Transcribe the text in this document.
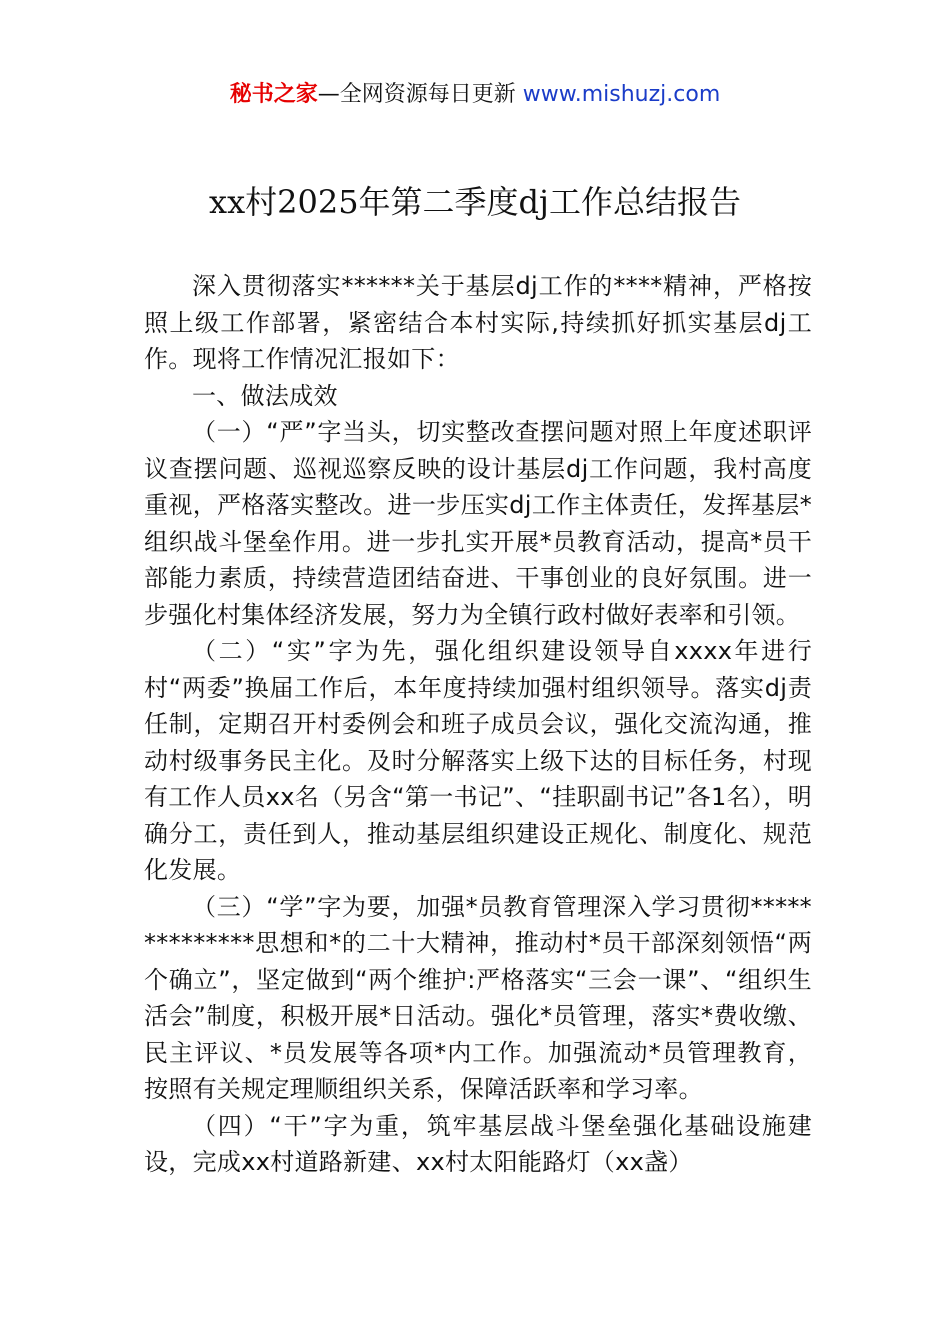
秘书之家—全网资源每日更新 www.mishuzj.com
xx村2025年第二季度dj工作总结报告

深入贯彻落实******关于基层dj工作的****精神，严格按照上级工作部署，紧密结合本村实际,持续抓好抓实基层dj工作。现将工作情况汇报如下：

一、做法成效

（一）“严”字当头，切实整改查摆问题对照上年度述职评议查摆问题、巡视巡察反映的设计基层dj工作问题，我村高度重视，严格落实整改。进一步压实dj工作主体责任，发挥基层*组织战斗堡垒作用。进一步扎实开展*员教育活动，提高*员干部能力素质，持续营造团结奋进、干事创业的良好氛围。进一步强化村集体经济发展，努力为全镇行政村做好表率和引领。

（二）“实”字为先，强化组织建设领导自xxxx年进行村“两委”换届工作后，本年度持续加强村组织领导。落实dj责任制，定期召开村委例会和班子成员会议，强化交流沟通，推动村级事务民主化。及时分解落实上级下达的目标任务，村现有工作人员xx名（另含“第一书记”、“挂职副书记”各1名），明确分工，责任到人，推动基层组织建设正规化、制度化、规范化发展。

（三）“学”字为要，加强*员教育管理深入学习贯彻**************思想和*的二十大精神，推动村*员干部深刻领悟“两个确立”，坚定做到“两个维护:严格落实“三会一课”、“组织生活会”制度，积极开展*日活动。强化*员管理，落实*费收缴、民主评议、*员发展等各项*内工作。加强流动*员管理教育，按照有关规定理顺组织关系，保障活跃率和学习率。

（四）“干”字为重，筑牢基层战斗堡垒强化基础设施建设，完成xx村道路新建、xx村太阳能路灯（xx盏）
